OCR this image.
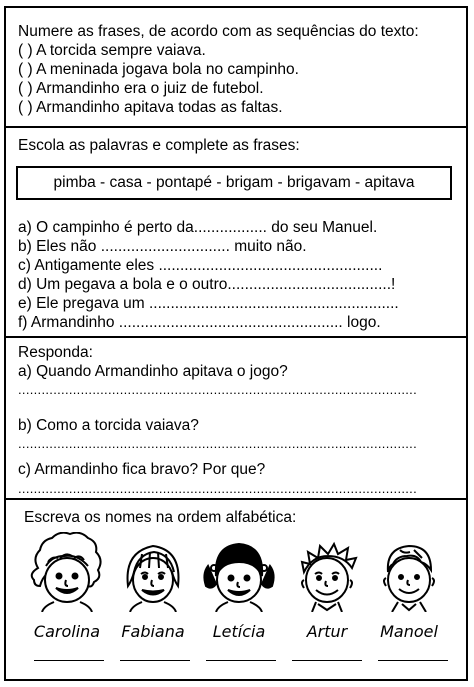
Numere as frases, de acordo com as sequências do texto:
( ) A torcida sempre vaiava.
( ) A meninada jogava bola no campinho.
( ) Armandinho era o juiz de futebol.
( ) Armandinho apitava todas as faltas.
Escola as palavras e complete as frases:
pimba - casa - pontapé - brigam - brigavam - apitava
a) O campinho é perto da................. do seu Manuel.
b) Eles não .............................. muito não.
c) Antigamente eles ....................................................
d) Um pegava a bola e o outro......................................!
e) Ele pregava um ..........................................................
f) Armandinho .................................................... logo.
Responda:
a) Quando Armandinho apitava o jogo?
......................................................................................................
b) Como a torcida vaiava?
......................................................................................................
c) Armandinho fica bravo? Por que?
......................................................................................................
Escreva os nomes na ordem alfabética:
Carolina	Fabiana	Letícia	Artur	Manoel
